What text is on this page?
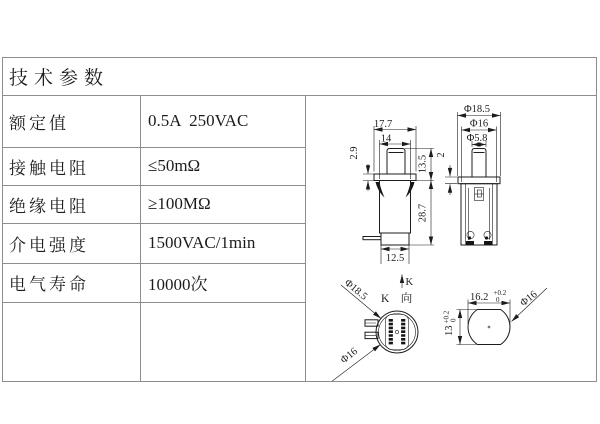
技术参数
额定值	0.5A  250VAC
接触电阻	≤50mΩ
绝缘电阻	≥100MΩ
介电强度	1500VAC/1min
电气寿命	10000次
17.7
14
2.9
13.5
28.7
12.5
K
Φ18.5
Φ16
Φ5.8
2
K　向
Φ18.5
Φ16
16.2 +0.2
0
13
+0.2 0
Φ16
